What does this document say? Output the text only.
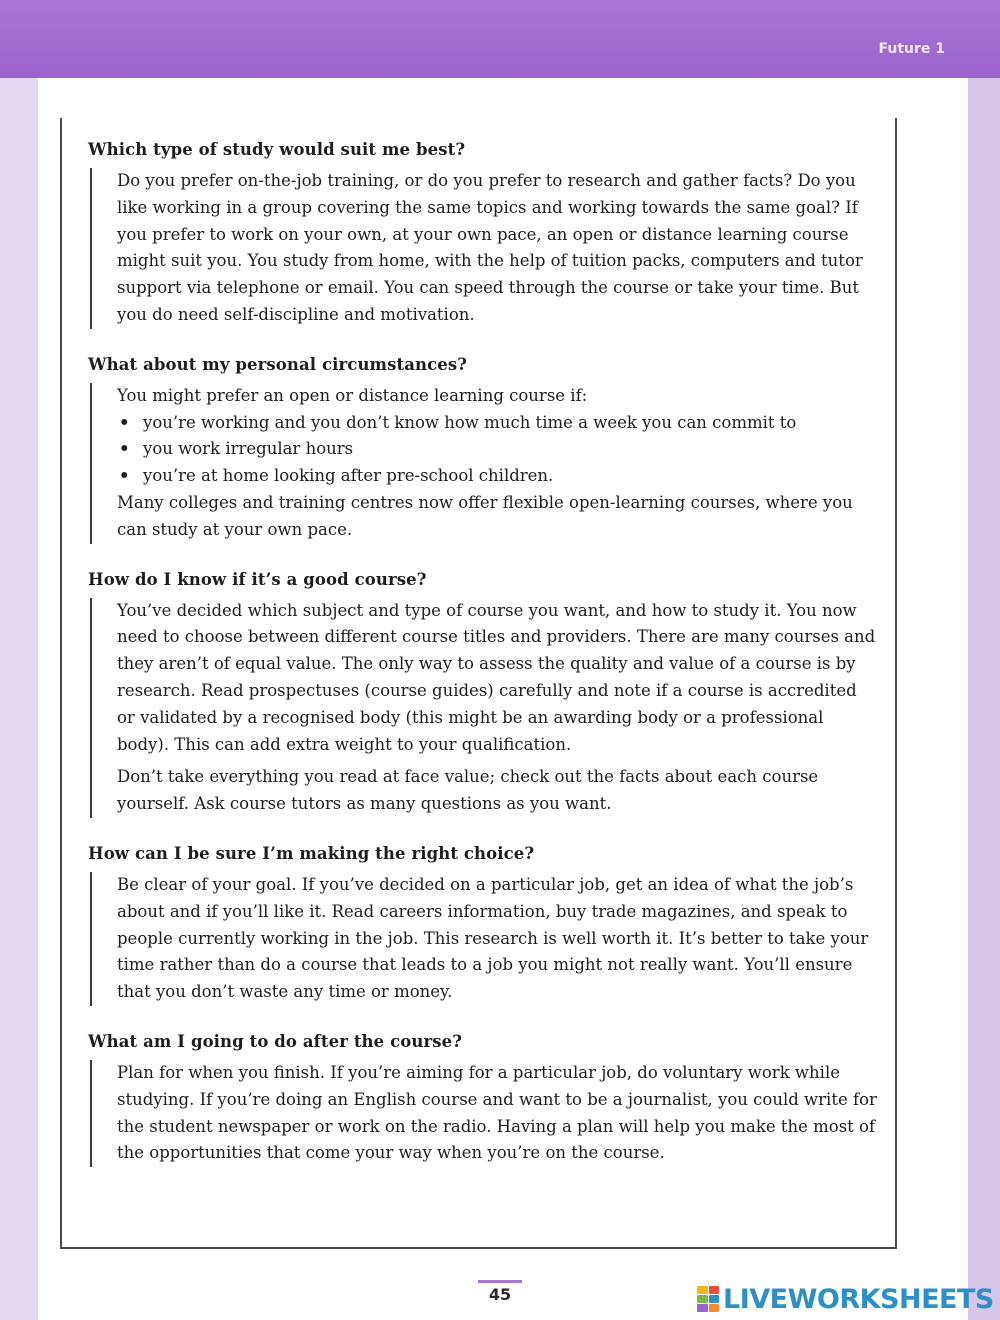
Future 1
Which type of study would suit me best?

Do you prefer on-the-job training, or do you prefer to research and gather facts? Do you like working in a group covering the same topics and working towards the same goal? If you prefer to work on your own, at your own pace, an open or distance learning course might suit you. You study from home, with the help of tuition packs, computers and tutor support via telephone or email. You can speed through the course or take your time. But you do need self-discipline and motivation.

What about my personal circumstances?

You might prefer an open or distance learning course if:

• you’re working and you don’t know how much time a week you can commit to
• you work irregular hours
• you’re at home looking after pre-school children.

Many colleges and training centres now offer flexible open-learning courses, where you can study at your own pace.

How do I know if it’s a good course?

You’ve decided which subject and type of course you want, and how to study it. You now need to choose between different course titles and providers. There are many courses and they aren’t of equal value. The only way to assess the quality and value of a course is by research. Read prospectuses (course guides) carefully and note if a course is accredited or validated by a recognised body (this might be an awarding body or a professional body). This can add extra weight to your qualification.

Don’t take everything you read at face value; check out the facts about each course yourself. Ask course tutors as many questions as you want.

How can I be sure I’m making the right choice?

Be clear of your goal. If you’ve decided on a particular job, get an idea of what the job’s about and if you’ll like it. Read careers information, buy trade magazines, and speak to people currently working in the job. This research is well worth it. It’s better to take your time rather than do a course that leads to a job you might not really want. You’ll ensure that you don’t waste any time or money.

What am I going to do after the course?

Plan for when you finish. If you’re aiming for a particular job, do voluntary work while studying. If you’re doing an English course and want to be a journalist, you could write for the student newspaper or work on the radio. Having a plan will help you make the most of the opportunities that come your way when you’re on the course.

45	LIVEWORKSHEETS
